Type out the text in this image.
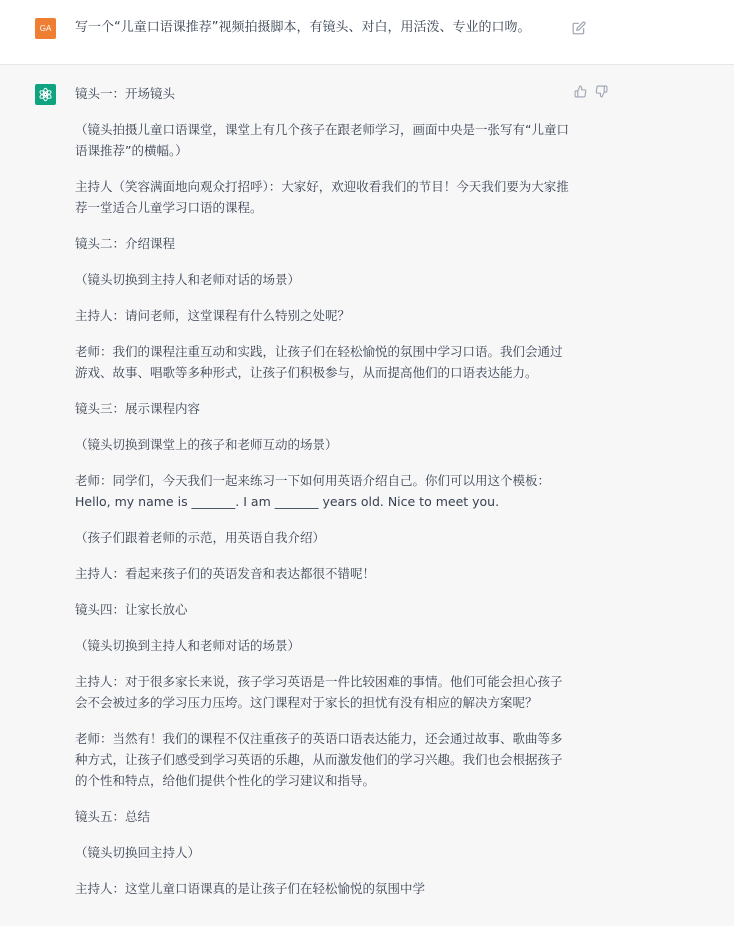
GA	写一个“儿童口语课推荐”视频拍摄脚本，有镜头、对白，用活泼、专业的口吻。

镜头一：开场镜头

（镜头拍摄儿童口语课堂，课堂上有几个孩子在跟老师学习，画面中央是一张写有“儿童口语课推荐”的横幅。）

主持人（笑容满面地向观众打招呼）：大家好，欢迎收看我们的节目！今天我们要为大家推荐一堂适合儿童学习口语的课程。

镜头二：介绍课程

（镜头切换到主持人和老师对话的场景）

主持人：请问老师，这堂课程有什么特别之处呢？

老师：我们的课程注重互动和实践，让孩子们在轻松愉悦的氛围中学习口语。我们会通过游戏、故事、唱歌等多种形式，让孩子们积极参与，从而提高他们的口语表达能力。

镜头三：展示课程内容

（镜头切换到课堂上的孩子和老师互动的场景）

老师：同学们，今天我们一起来练习一下如何用英语介绍自己。你们可以用这个模板：Hello, my name is _______. I am _______ years old. Nice to meet you.

（孩子们跟着老师的示范，用英语自我介绍）

主持人：看起来孩子们的英语发音和表达都很不错呢！

镜头四：让家长放心

（镜头切换到主持人和老师对话的场景）

主持人：对于很多家长来说，孩子学习英语是一件比较困难的事情。他们可能会担心孩子会不会被过多的学习压力压垮。这门课程对于家长的担忧有没有相应的解决方案呢？

老师：当然有！我们的课程不仅注重孩子的英语口语表达能力，还会通过故事、歌曲等多种方式，让孩子们感受到学习英语的乐趣，从而激发他们的学习兴趣。我们也会根据孩子的个性和特点，给他们提供个性化的学习建议和指导。

镜头五：总结

（镜头切换回主持人）

主持人：这堂儿童口语课真的是让孩子们在轻松愉悦的氛围中学
